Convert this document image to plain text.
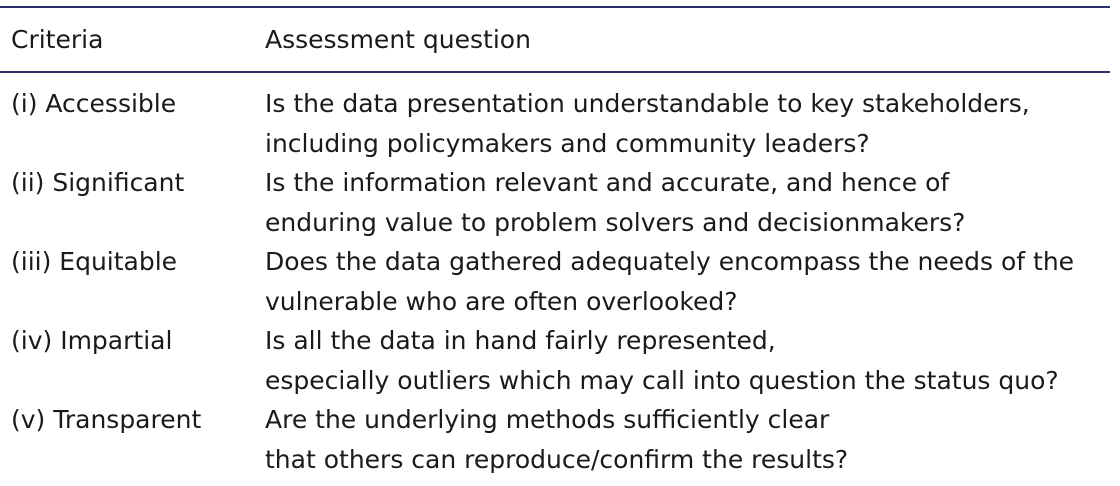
Criteria	Assessment question
(i) Accessible	Is the data presentation understandable to key stakeholders,
including policymakers and community leaders?
(ii) Significant	Is the information relevant and accurate, and hence of
enduring value to problem solvers and decisionmakers?
(iii) Equitable	Does the data gathered adequately encompass the needs of the
vulnerable who are often overlooked?
(iv) Impartial	Is all the data in hand fairly represented,
especially outliers which may call into question the status quo?
(v) Transparent	Are the underlying methods sufficiently clear
that others can reproduce/confirm the results?
